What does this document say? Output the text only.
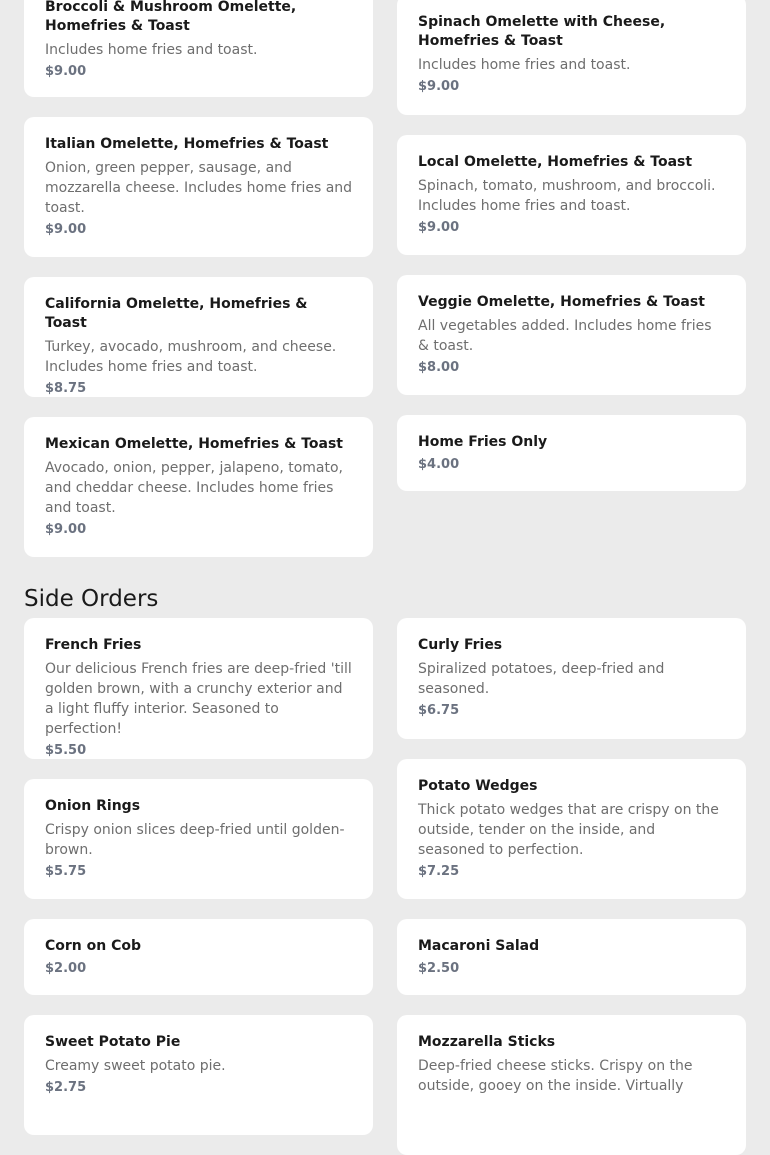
Broccoli & Mushroom Omelette, Homefries & Toast
Includes home fries and toast.
$9.00
Spinach Omelette with Cheese, Homefries & Toast
Includes home fries and toast.
$9.00
Italian Omelette, Homefries & Toast
Onion, green pepper, sausage, and mozzarella cheese. Includes home fries and toast.
$9.00
Local Omelette, Homefries & Toast
Spinach, tomato, mushroom, and broccoli. Includes home fries and toast.
$9.00
California Omelette, Homefries & Toast
Turkey, avocado, mushroom, and cheese. Includes home fries and toast.
$8.75
Veggie Omelette, Homefries & Toast
All vegetables added. Includes home fries & toast.
$8.00
Mexican Omelette, Homefries & Toast
Avocado, onion, pepper, jalapeno, tomato, and cheddar cheese. Includes home fries and toast.
$9.00
Home Fries Only
$4.00
Side Orders
French Fries
Our delicious French fries are deep-fried 'till golden brown, with a crunchy exterior and a light fluffy interior. Seasoned to perfection!
$5.50
Curly Fries
Spiralized potatoes, deep-fried and seasoned.
$6.75
Onion Rings
Crispy onion slices deep-fried until golden-brown.
$5.75
Potato Wedges
Thick potato wedges that are crispy on the outside, tender on the inside, and seasoned to perfection.
$7.25
Corn on Cob
$2.00
Macaroni Salad
$2.50
Sweet Potato Pie
Creamy sweet potato pie.
$2.75
Mozzarella Sticks
Deep-fried cheese sticks. Crispy on the outside, gooey on the inside. Virtually
